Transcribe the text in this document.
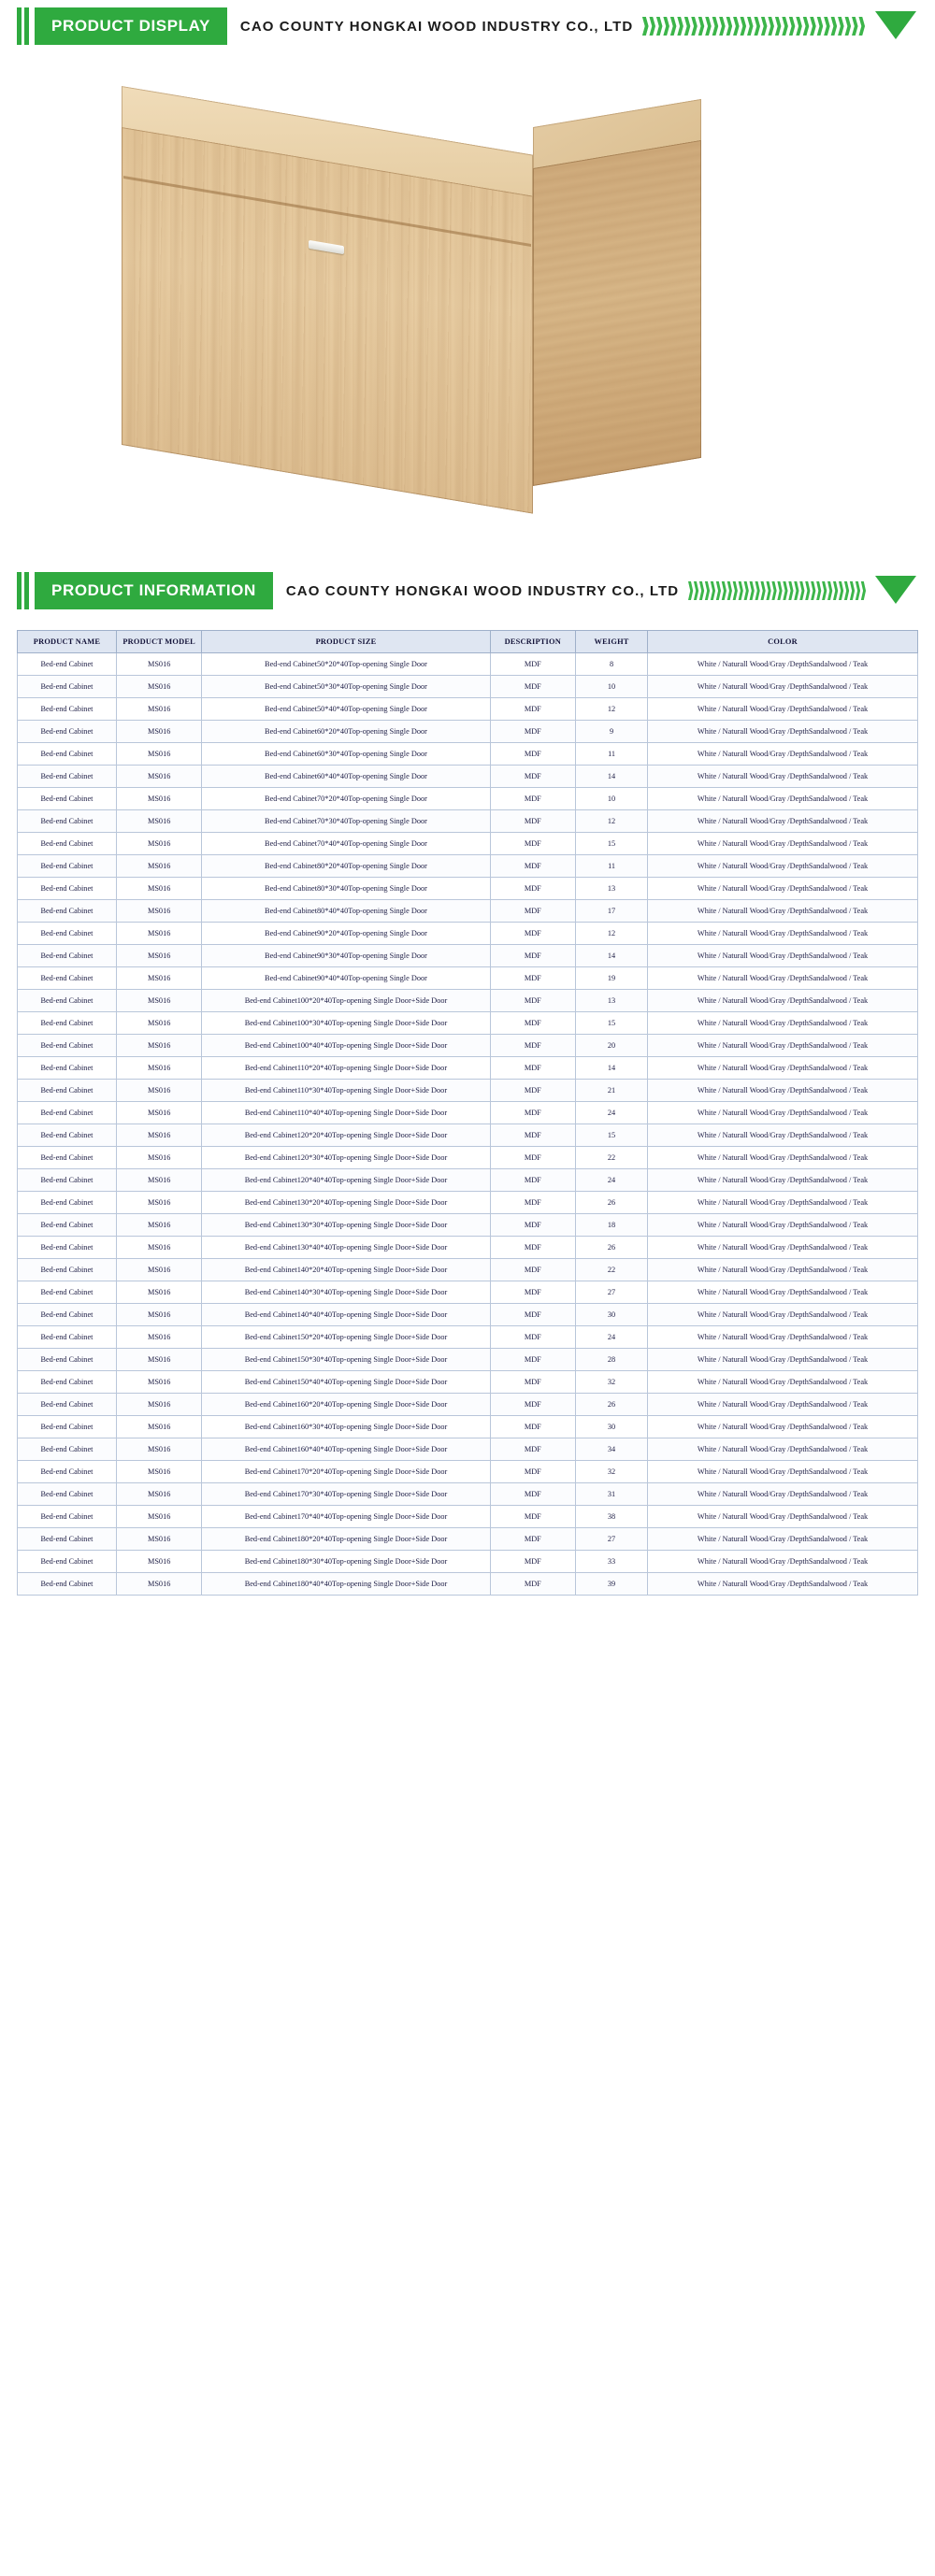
PRODUCT DISPLAY	CAO COUNTY HONGKAI WOOD INDUSTRY CO., LTD
PRODUCT INFORMATION	CAO COUNTY HONGKAI WOOD INDUSTRY CO., LTD
PRODUCT NAME	PRODUCT MODEL	PRODUCT SIZE	DESCRIPTION	WEIGHT	COLOR
Bed-end Cabinet	MS016	Bed-end Cabinet50*20*40Top-opening Single Door	MDF	8	White / Naturall Wood/Gray /DepthSandalwood / Teak
Bed-end Cabinet	MS016	Bed-end Cabinet50*30*40Top-opening Single Door	MDF	10	White / Naturall Wood/Gray /DepthSandalwood / Teak
Bed-end Cabinet	MS016	Bed-end Cabinet50*40*40Top-opening Single Door	MDF	12	White / Naturall Wood/Gray /DepthSandalwood / Teak
Bed-end Cabinet	MS016	Bed-end Cabinet60*20*40Top-opening Single Door	MDF	9	White / Naturall Wood/Gray /DepthSandalwood / Teak
Bed-end Cabinet	MS016	Bed-end Cabinet60*30*40Top-opening Single Door	MDF	11	White / Naturall Wood/Gray /DepthSandalwood / Teak
Bed-end Cabinet	MS016	Bed-end Cabinet60*40*40Top-opening Single Door	MDF	14	White / Naturall Wood/Gray /DepthSandalwood / Teak
Bed-end Cabinet	MS016	Bed-end Cabinet70*20*40Top-opening Single Door	MDF	10	White / Naturall Wood/Gray /DepthSandalwood / Teak
Bed-end Cabinet	MS016	Bed-end Cabinet70*30*40Top-opening Single Door	MDF	12	White / Naturall Wood/Gray /DepthSandalwood / Teak
Bed-end Cabinet	MS016	Bed-end Cabinet70*40*40Top-opening Single Door	MDF	15	White / Naturall Wood/Gray /DepthSandalwood / Teak
Bed-end Cabinet	MS016	Bed-end Cabinet80*20*40Top-opening Single Door	MDF	11	White / Naturall Wood/Gray /DepthSandalwood / Teak
Bed-end Cabinet	MS016	Bed-end Cabinet80*30*40Top-opening Single Door	MDF	13	White / Naturall Wood/Gray /DepthSandalwood / Teak
Bed-end Cabinet	MS016	Bed-end Cabinet80*40*40Top-opening Single Door	MDF	17	White / Naturall Wood/Gray /DepthSandalwood / Teak
Bed-end Cabinet	MS016	Bed-end Cabinet90*20*40Top-opening Single Door	MDF	12	White / Naturall Wood/Gray /DepthSandalwood / Teak
Bed-end Cabinet	MS016	Bed-end Cabinet90*30*40Top-opening Single Door	MDF	14	White / Naturall Wood/Gray /DepthSandalwood / Teak
Bed-end Cabinet	MS016	Bed-end Cabinet90*40*40Top-opening Single Door	MDF	19	White / Naturall Wood/Gray /DepthSandalwood / Teak
Bed-end Cabinet	MS016	Bed-end Cabinet100*20*40Top-opening Single Door+Side Door	MDF	13	White / Naturall Wood/Gray /DepthSandalwood / Teak
Bed-end Cabinet	MS016	Bed-end Cabinet100*30*40Top-opening Single Door+Side Door	MDF	15	White / Naturall Wood/Gray /DepthSandalwood / Teak
Bed-end Cabinet	MS016	Bed-end Cabinet100*40*40Top-opening Single Door+Side Door	MDF	20	White / Naturall Wood/Gray /DepthSandalwood / Teak
Bed-end Cabinet	MS016	Bed-end Cabinet110*20*40Top-opening Single Door+Side Door	MDF	14	White / Naturall Wood/Gray /DepthSandalwood / Teak
Bed-end Cabinet	MS016	Bed-end Cabinet110*30*40Top-opening Single Door+Side Door	MDF	21	White / Naturall Wood/Gray /DepthSandalwood / Teak
Bed-end Cabinet	MS016	Bed-end Cabinet110*40*40Top-opening Single Door+Side Door	MDF	24	White / Naturall Wood/Gray /DepthSandalwood / Teak
Bed-end Cabinet	MS016	Bed-end Cabinet120*20*40Top-opening Single Door+Side Door	MDF	15	White / Naturall Wood/Gray /DepthSandalwood / Teak
Bed-end Cabinet	MS016	Bed-end Cabinet120*30*40Top-opening Single Door+Side Door	MDF	22	White / Naturall Wood/Gray /DepthSandalwood / Teak
Bed-end Cabinet	MS016	Bed-end Cabinet120*40*40Top-opening Single Door+Side Door	MDF	24	White / Naturall Wood/Gray /DepthSandalwood / Teak
Bed-end Cabinet	MS016	Bed-end Cabinet130*20*40Top-opening Single Door+Side Door	MDF	26	White / Naturall Wood/Gray /DepthSandalwood / Teak
Bed-end Cabinet	MS016	Bed-end Cabinet130*30*40Top-opening Single Door+Side Door	MDF	18	White / Naturall Wood/Gray /DepthSandalwood / Teak
Bed-end Cabinet	MS016	Bed-end Cabinet130*40*40Top-opening Single Door+Side Door	MDF	26	White / Naturall Wood/Gray /DepthSandalwood / Teak
Bed-end Cabinet	MS016	Bed-end Cabinet140*20*40Top-opening Single Door+Side Door	MDF	22	White / Naturall Wood/Gray /DepthSandalwood / Teak
Bed-end Cabinet	MS016	Bed-end Cabinet140*30*40Top-opening Single Door+Side Door	MDF	27	White / Naturall Wood/Gray /DepthSandalwood / Teak
Bed-end Cabinet	MS016	Bed-end Cabinet140*40*40Top-opening Single Door+Side Door	MDF	30	White / Naturall Wood/Gray /DepthSandalwood / Teak
Bed-end Cabinet	MS016	Bed-end Cabinet150*20*40Top-opening Single Door+Side Door	MDF	24	White / Naturall Wood/Gray /DepthSandalwood / Teak
Bed-end Cabinet	MS016	Bed-end Cabinet150*30*40Top-opening Single Door+Side Door	MDF	28	White / Naturall Wood/Gray /DepthSandalwood / Teak
Bed-end Cabinet	MS016	Bed-end Cabinet150*40*40Top-opening Single Door+Side Door	MDF	32	White / Naturall Wood/Gray /DepthSandalwood / Teak
Bed-end Cabinet	MS016	Bed-end Cabinet160*20*40Top-opening Single Door+Side Door	MDF	26	White / Naturall Wood/Gray /DepthSandalwood / Teak
Bed-end Cabinet	MS016	Bed-end Cabinet160*30*40Top-opening Single Door+Side Door	MDF	30	White / Naturall Wood/Gray /DepthSandalwood / Teak
Bed-end Cabinet	MS016	Bed-end Cabinet160*40*40Top-opening Single Door+Side Door	MDF	34	White / Naturall Wood/Gray /DepthSandalwood / Teak
Bed-end Cabinet	MS016	Bed-end Cabinet170*20*40Top-opening Single Door+Side Door	MDF	32	White / Naturall Wood/Gray /DepthSandalwood / Teak
Bed-end Cabinet	MS016	Bed-end Cabinet170*30*40Top-opening Single Door+Side Door	MDF	31	White / Naturall Wood/Gray /DepthSandalwood / Teak
Bed-end Cabinet	MS016	Bed-end Cabinet170*40*40Top-opening Single Door+Side Door	MDF	38	White / Naturall Wood/Gray /DepthSandalwood / Teak
Bed-end Cabinet	MS016	Bed-end Cabinet180*20*40Top-opening Single Door+Side Door	MDF	27	White / Naturall Wood/Gray /DepthSandalwood / Teak
Bed-end Cabinet	MS016	Bed-end Cabinet180*30*40Top-opening Single Door+Side Door	MDF	33	White / Naturall Wood/Gray /DepthSandalwood / Teak
Bed-end Cabinet	MS016	Bed-end Cabinet180*40*40Top-opening Single Door+Side Door	MDF	39	White / Naturall Wood/Gray /DepthSandalwood / Teak
